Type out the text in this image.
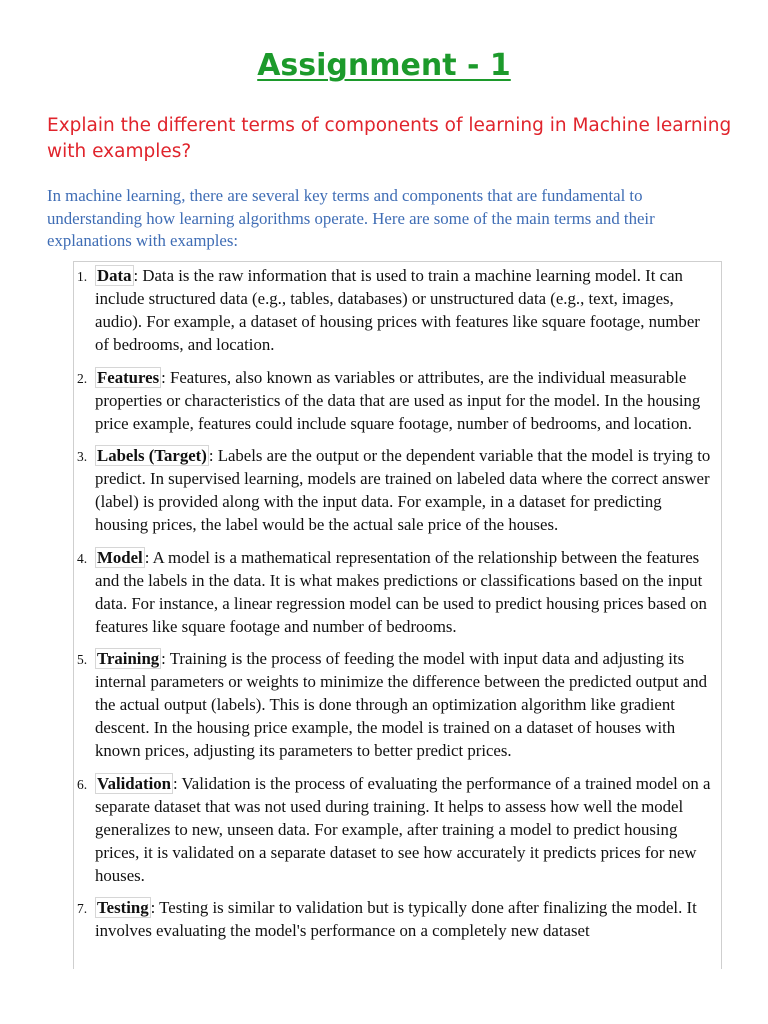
Assignment - 1
Explain the different terms of components of learning in Machine learning with examples?
In machine learning, there are several key terms and components that are fundamental to understanding how learning algorithms operate. Here are some of the main terms and their explanations with examples:
1. Data : Data is the raw information that is used to train a machine learning model. It can include structured data (e.g., tables, databases) or unstructured data (e.g., text, images, audio). For example, a dataset of housing prices with features like square footage, number of bedrooms, and location.
2. Features : Features, also known as variables or attributes, are the individual measurable properties or characteristics of the data that are used as input for the model. In the housing price example, features could include square footage, number of bedrooms, and location.
3. Labels (Target) : Labels are the output or the dependent variable that the model is trying to predict. In supervised learning, models are trained on labeled data where the correct answer (label) is provided along with the input data. For example, in a dataset for predicting housing prices, the label would be the actual sale price of the houses.
4. Model : A model is a mathematical representation of the relationship between the features and the labels in the data. It is what makes predictions or classifications based on the input data. For instance, a linear regression model can be used to predict housing prices based on features like square footage and number of bedrooms.
5. Training : Training is the process of feeding the model with input data and adjusting its internal parameters or weights to minimize the difference between the predicted output and the actual output (labels). This is done through an optimization algorithm like gradient descent. In the housing price example, the model is trained on a dataset of houses with known prices, adjusting its parameters to better predict prices.
6. Validation : Validation is the process of evaluating the performance of a trained model on a separate dataset that was not used during training. It helps to assess how well the model generalizes to new, unseen data. For example, after training a model to predict housing prices, it is validated on a separate dataset to see how accurately it predicts prices for new houses.
7. Testing : Testing is similar to validation but is typically done after finalizing the model. It involves evaluating the model's performance on a completely new dataset
